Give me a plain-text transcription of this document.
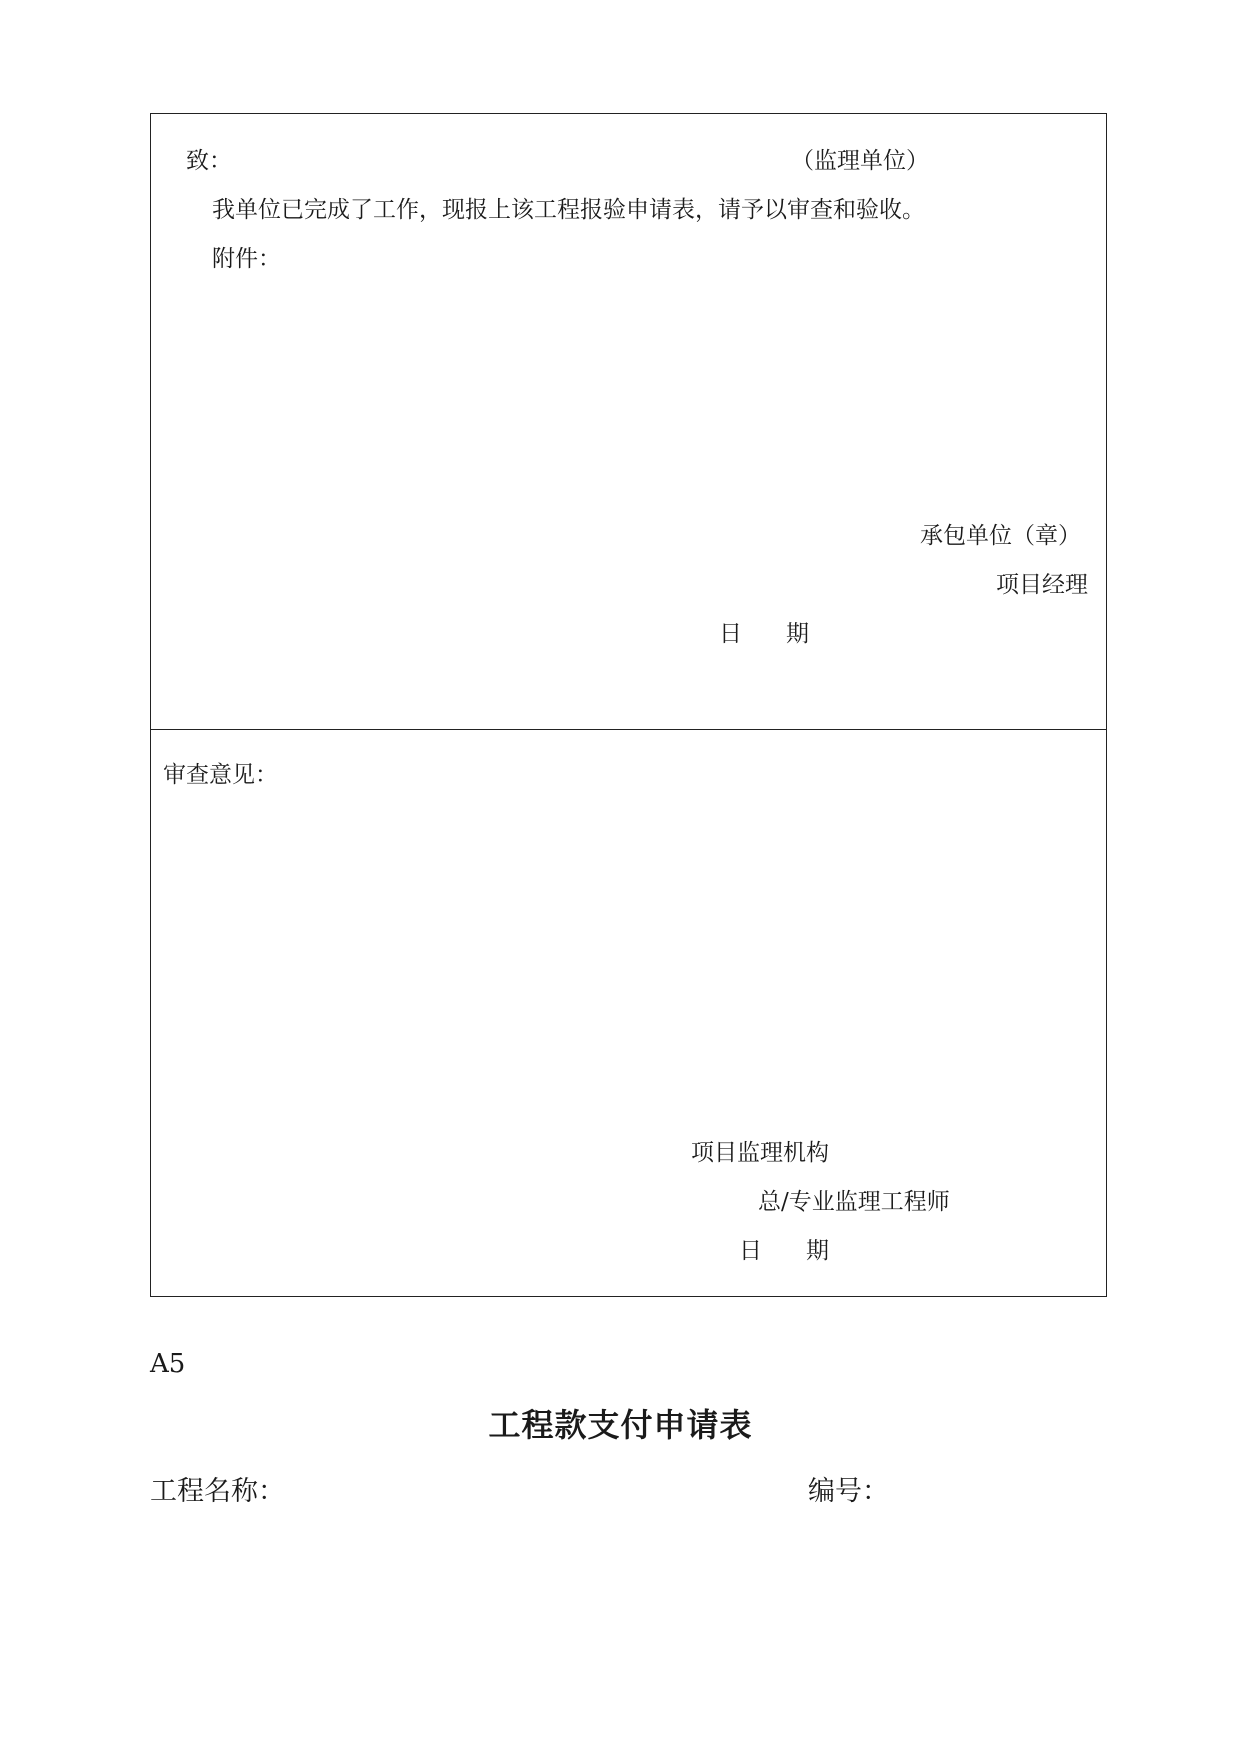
致：	（监理单位）
我单位已完成了工作，现报上该工程报验申请表，请予以审查和验收。
附件：
承包单位（章）
项目经理
日 期
审查意见：
项目监理机构
总/专业监理工程师
日 期
A5
工程款支付申请表
工程名称：	编号：
